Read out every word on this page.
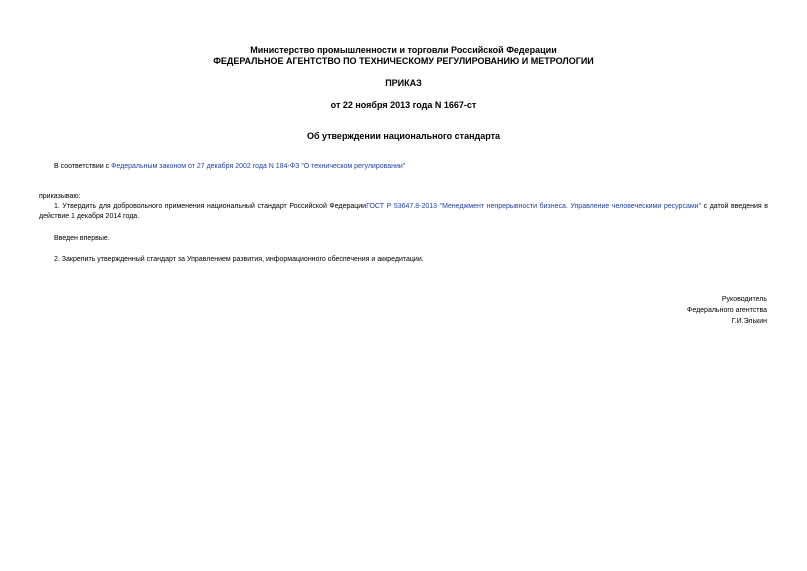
Министерство промышленности и торговли Российской Федерации
ФЕДЕРАЛЬНОЕ АГЕНТСТВО ПО ТЕХНИЧЕСКОМУ РЕГУЛИРОВАНИЮ И МЕТРОЛОГИИ
ПРИКАЗ
от 22 ноября 2013 года N 1667-ст
Об утверждении национального стандарта
В соответствии с Федеральным законом от 27 декабря 2002 года N 184-ФЗ "О техническом регулировании"
приказываю:
1. Утвердить для добровольного применения национальный стандарт Российской ФедерацииГОСТ Р 53647.8-2013 "Менеджмент непрерывности бизнеса. Управление человеческими ресурсами" с датой введения в действие 1 декабря 2014 года.
Введен впервые.
2. Закрепить утвержденный стандарт за Управлением развития, информационного обеспечения и аккредитации.
Руководитель
Федерального агентства
Г.И.Элькин
